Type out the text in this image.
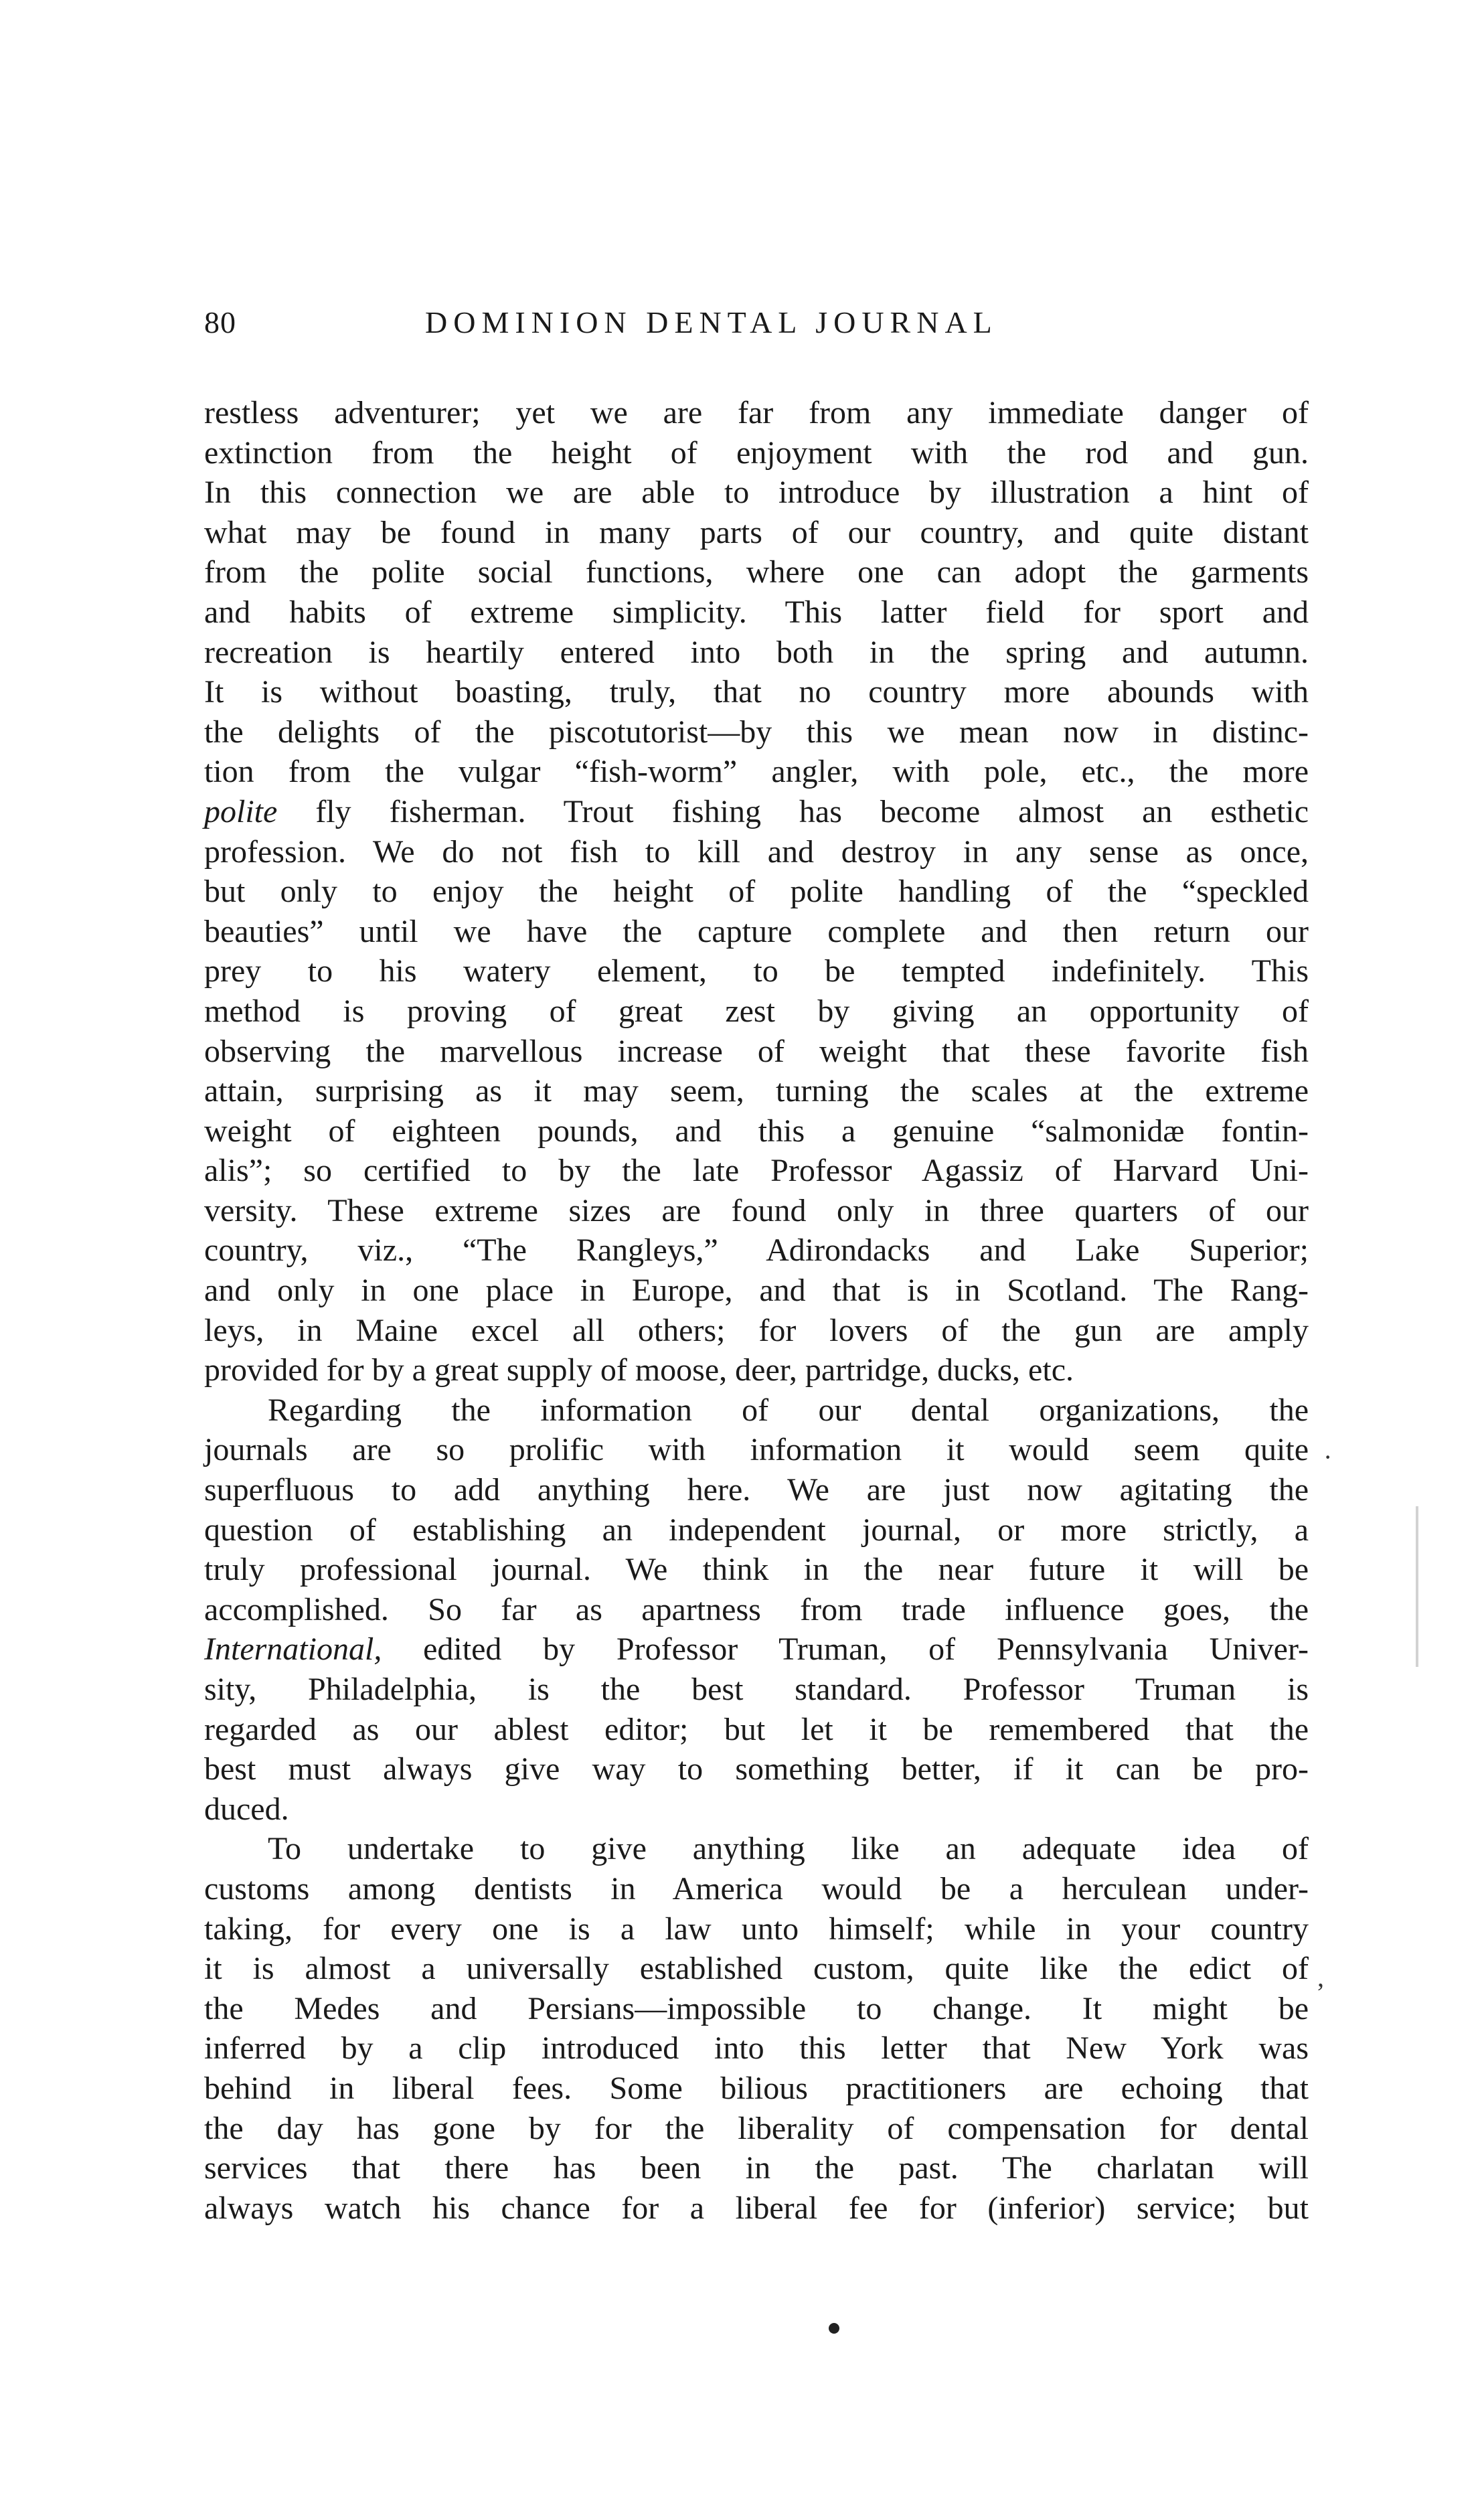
80	DOMINION DENTAL JOURNAL
restless adventurer; yet we are far from any immediate danger of
extinction from the height of enjoyment with the rod and gun.
In this connection we are able to introduce by illustration a hint of
what may be found in many parts of our country, and quite distant
from the polite social functions, where one can adopt the garments
and habits of extreme simplicity. This latter field for sport and
recreation is heartily entered into both in the spring and autumn.
It is without boasting, truly, that no country more abounds with
the delights of the piscotutorist—by this we mean now in distinc-
tion from the vulgar “fish-worm” angler, with pole, etc., the more
polite fly fisherman. Trout fishing has become almost an esthetic
profession. We do not fish to kill and destroy in any sense as once,
but only to enjoy the height of polite handling of the “speckled
beauties” until we have the capture complete and then return our
prey to his watery element, to be tempted indefinitely. This
method is proving of great zest by giving an opportunity of
observing the marvellous increase of weight that these favorite fish
attain, surprising as it may seem, turning the scales at the extreme
weight of eighteen pounds, and this a genuine “salmonidæ fontin-
alis”; so certified to by the late Professor Agassiz of Harvard Uni-
versity. These extreme sizes are found only in three quarters of our
country, viz., “The Rangleys,” Adirondacks and Lake Superior;
and only in one place in Europe, and that is in Scotland. The Rang-
leys, in Maine excel all others; for lovers of the gun are amply
provided for by a great supply of moose, deer, partridge, ducks, etc.
Regarding the information of our dental organizations, the
journals are so prolific with information it would seem quite
superfluous to add anything here. We are just now agitating the
question of establishing an independent journal, or more strictly, a
truly professional journal. We think in the near future it will be
accomplished. So far as apartness from trade influence goes, the
International, edited by Professor Truman, of Pennsylvania Univer-
sity, Philadelphia, is the best standard. Professor Truman is
regarded as our ablest editor; but let it be remembered that the
best must always give way to something better, if it can be pro-
duced.
To undertake to give anything like an adequate idea of
customs among dentists in America would be a herculean under-
taking, for every one is a law unto himself; while in your country
it is almost a universally established custom, quite like the edict of
the Medes and Persians—impossible to change. It might be
inferred by a clip introduced into this letter that New York was
behind in liberal fees. Some bilious practitioners are echoing that
the day has gone by for the liberality of compensation for dental
services that there has been in the past. The charlatan will
always watch his chance for a liberal fee for (inferior) service; but
·
,
